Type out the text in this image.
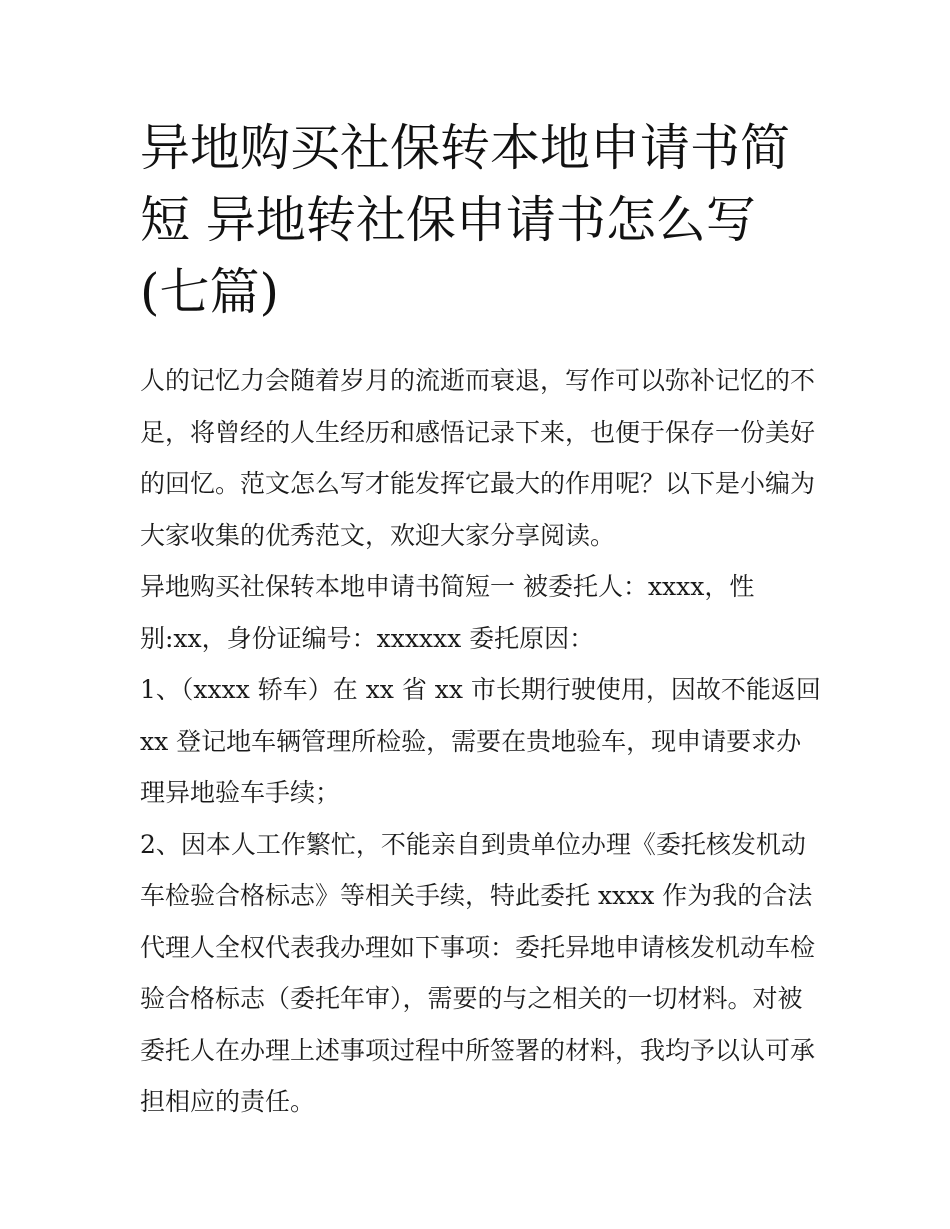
异地购买社保转本地申请书简
短 异地转社保申请书怎么写
(七篇)
人的记忆力会随着岁月的流逝而衰退，写作可以弥补记忆的不
足，将曾经的人生经历和感悟记录下来，也便于保存一份美好
的回忆。范文怎么写才能发挥它最大的作用呢？以下是小编为
大家收集的优秀范文，欢迎大家分享阅读。
异地购买社保转本地申请书简短一 被委托人：xxxx，性
别:xx，身份证编号：xxxxxx 委托原因：
1、（xxxx 轿车）在 xx 省 xx 市长期行驶使用，因故不能返回
xx 登记地车辆管理所检验，需要在贵地验车，现申请要求办
理异地验车手续；
2、因本人工作繁忙，不能亲自到贵单位办理《委托核发机动
车检验合格标志》等相关手续，特此委托 xxxx 作为我的合法
代理人全权代表我办理如下事项：委托异地申请核发机动车检
验合格标志（委托年审），需要的与之相关的一切材料。对被
委托人在办理上述事项过程中所签署的材料，我均予以认可承
担相应的责任。
